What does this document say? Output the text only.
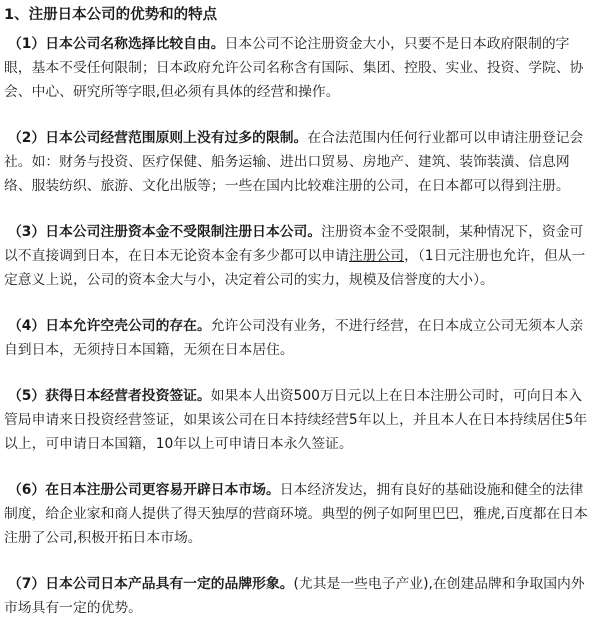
1、注册日本公司的优势和的特点

（1）日本公司名称选择比较自由。日本公司不论注册资金大小，只要不是日本政府限制的字眼，基本不受任何限制；日本政府允许公司名称含有国际、集团、控股、实业、投资、学院、协会、中心、研究所等字眼,但必须有具体的经营和操作。

（2）日本公司经营范围原则上没有过多的限制。在合法范围内任何行业都可以申请注册登记会社。如：财务与投资、医疗保健、船务运输、进出口贸易、房地产、建筑、装饰装潢、信息网络、服装纺织、旅游、文化出版等；一些在国内比较难注册的公司，在日本都可以得到注册。

（3）日本公司注册资本金不受限制注册日本公司。注册资本金不受限制，某种情况下，资金可以不直接调到日本，在日本无论资本金有多少都可以申请注册公司，（1日元注册也允许，但从一定意义上说，公司的资本金大与小，决定着公司的实力，规模及信誉度的大小）。

（4）日本允许空壳公司的存在。允许公司没有业务，不进行经营，在日本成立公司无须本人亲自到日本，无须持日本国籍，无须在日本居住。

（5）获得日本经营者投资签证。如果本人出资500万日元以上在日本注册公司时，可向日本入管局申请来日投资经营签证，如果该公司在日本持续经营5年以上，并且本人在日本持续居住5年以上，可申请日本国籍，10年以上可申请日本永久签证。

（6）在日本注册公司更容易开辟日本市场。日本经济发达，拥有良好的基础设施和健全的法律制度，给企业家和商人提供了得天独厚的营商环境。典型的例子如阿里巴巴，雅虎,百度都在日本注册了公司,积极开拓日本市场。

（7）日本公司日本产品具有一定的品牌形象。(尤其是一些电子产业),在创建品牌和争取国内外市场具有一定的优势。
